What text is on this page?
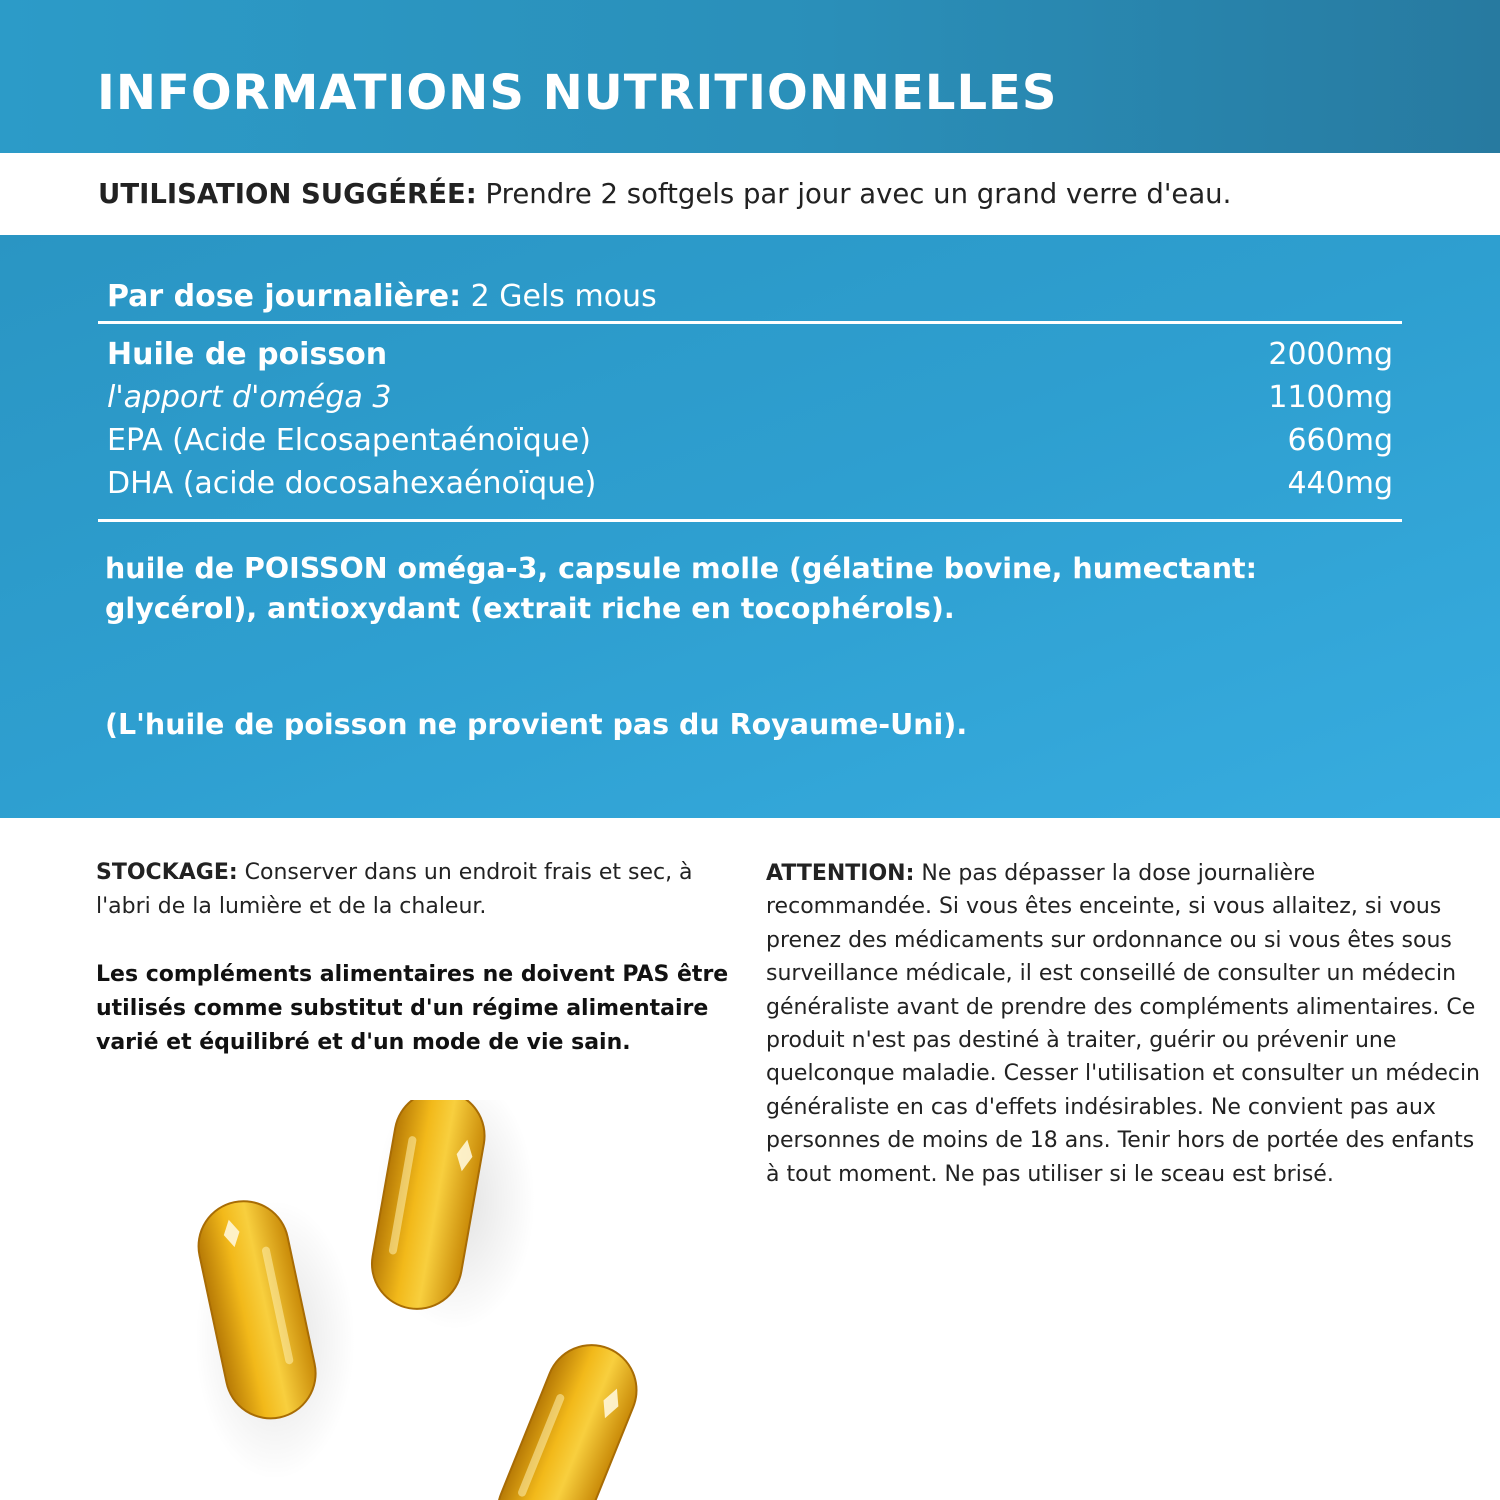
INFORMATIONS NUTRITIONNELLES

UTILISATION SUGGÉRÉE: Prendre 2 softgels par jour avec un grand verre d'eau.

Par dose journalière: 2 Gels mous

Huile de poisson	2000mg
l'apport d'oméga 3	1100mg
EPA (Acide Elcosapentaénoïque)	660mg
DHA (acide docosahexaénoïque)	440mg

huile de POISSON oméga-3, capsule molle (gélatine bovine, humectant: glycérol), antioxydant (extrait riche en tocophérols).

(L'huile de poisson ne provient pas du Royaume-Uni).

STOCKAGE: Conserver dans un endroit frais et sec, à l'abri de la lumière et de la chaleur.

Les compléments alimentaires ne doivent PAS être utilisés comme substitut d'un régime alimentaire varié et équilibré et d'un mode de vie sain.

ATTENTION: Ne pas dépasser la dose journalière recommandée. Si vous êtes enceinte, si vous allaitez, si vous prenez des médicaments sur ordonnance ou si vous êtes sous surveillance médicale, il est conseillé de consulter un médecin généraliste avant de prendre des compléments alimentaires. Ce produit n'est pas destiné à traiter, guérir ou prévenir une quelconque maladie. Cesser l'utilisation et consulter un médecin généraliste en cas d'effets indésirables. Ne convient pas aux personnes de moins de 18 ans. Tenir hors de portée des enfants à tout moment. Ne pas utiliser si le sceau est brisé.
